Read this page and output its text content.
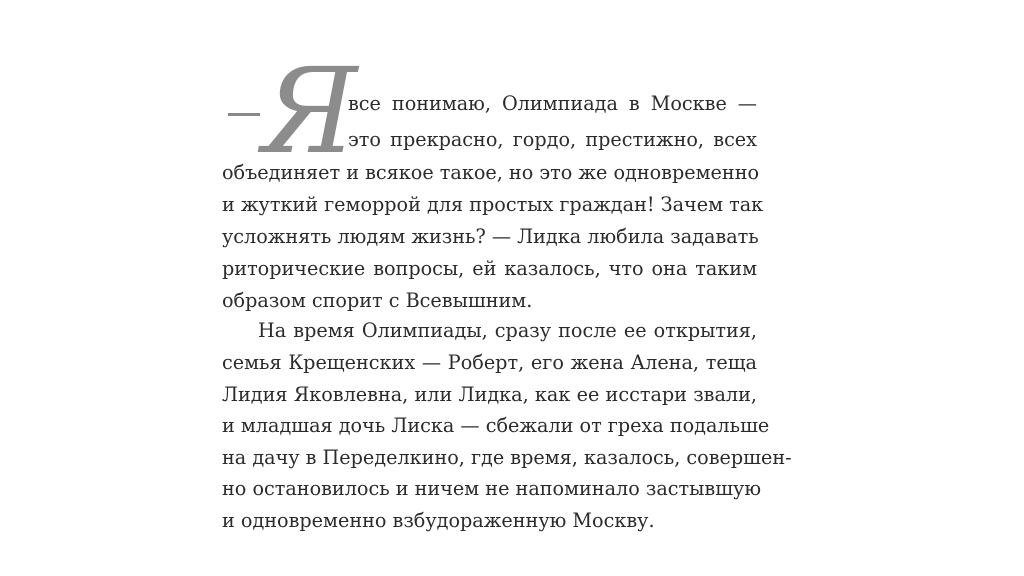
Я
все понимаю, Олимпиада в Москве —
это прекрасно, гордо, престижно, всех
объединяет и всякое такое, но это же одновременно
и жуткий геморрой для простых граждан! Зачем так
усложнять людям жизнь? — Лидка любила задавать
риторические вопросы, ей казалось, что она таким
образом спорит с Всевышним.
На время Олимпиады, сразу после ее открытия,
семья Крещенских — Роберт, его жена Алена, теща
Лидия Яковлевна, или Лидка, как ее исстари звали,
и младшая дочь Лиска — сбежали от греха подальше
на дачу в Переделкино, где время, казалось, совершен-
но остановилось и ничем не напоминало застывшую
и одновременно взбудораженную Москву.
